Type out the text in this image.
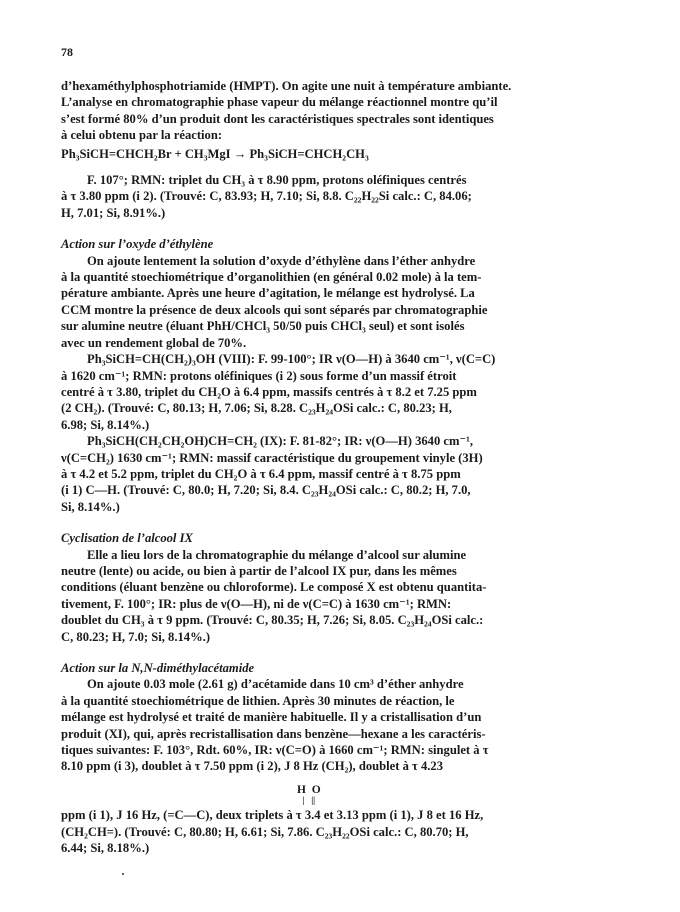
78
d’hexaméthylphosphotriamide (HMPT). On agite une nuit à température ambiante.
L’analyse en chromatographie phase vapeur du mélange réactionnel montre qu’il
s’est formé 80% d’un produit dont les caractéristiques spectrales sont identiques
à celui obtenu par la réaction:
Ph₃SiCH=CHCH₂Br + CH₃MgI → Ph₃SiCH=CHCH₂CH₃
F. 107°; RMN: triplet du CH₃ à τ 8.90 ppm, protons oléfiniques centrés
à τ 3.80 ppm (i 2). (Trouvé: C, 83.93; H, 7.10; Si, 8.8. C₂₂H₂₂Si calc.: C, 84.06;
H, 7.01; Si, 8.91%.)
Action sur l’oxyde d’éthylène
On ajoute lentement la solution d’oxyde d’éthylène dans l’éther anhydre
à la quantité stoechiométrique d’organolithien (en général 0.02 mole) à la tem-
pérature ambiante. Après une heure d’agitation, le mélange est hydrolysé. La
CCM montre la présence de deux alcools qui sont séparés par chromatographie
sur alumine neutre (éluant PhH/CHCl₃ 50/50 puis CHCl₃ seul) et sont isolés
avec un rendement global de 70%.
Ph₃SiCH=CH(CH₂)₃OH (VIII): F. 99-100°; IR ν(O—H) à 3640 cm⁻¹, ν(C=C)
à 1620 cm⁻¹; RMN: protons oléfiniques (i 2) sous forme d’un massif étroit
centré à τ 3.80, triplet du CH₂O à 6.4 ppm, massifs centrés à τ 8.2 et 7.25 ppm
(2 CH₂). (Trouvé: C, 80.13; H, 7.06; Si, 8.28. C₂₃H₂₄OSi calc.: C, 80.23; H,
6.98; Si, 8.14%.)
Ph₃SiCH(CH₂CH₂OH)CH=CH₂ (IX): F. 81-82°; IR: ν(O—H) 3640 cm⁻¹,
ν(C=CH₂) 1630 cm⁻¹; RMN: massif caractéristique du groupement vinyle (3H)
à τ 4.2 et 5.2 ppm, triplet du CH₂O à τ 6.4 ppm, massif centré à τ 8.75 ppm
(i 1) C—H. (Trouvé: C, 80.0; H, 7.20; Si, 8.4. C₂₃H₂₄OSi calc.: C, 80.2; H, 7.0,
Si, 8.14%.)
Cyclisation de l’alcool IX
Elle a lieu lors de la chromatographie du mélange d’alcool sur alumine
neutre (lente) ou acide, ou bien à partir de l’alcool IX pur, dans les mêmes
conditions (éluant benzène ou chloroforme). Le composé X est obtenu quantita-
tivement, F. 100°; IR: plus de ν(O—H), ni de ν(C=C) à 1630 cm⁻¹; RMN:
doublet du CH₃ à τ 9 ppm. (Trouvé: C, 80.35; H, 7.26; Si, 8.05. C₂₃H₂₄OSi calc.:
C, 80.23; H, 7.0; Si, 8.14%.)
Action sur la N,N-diméthylacétamide
On ajoute 0.03 mole (2.61 g) d’acétamide dans 10 cm³ d’éther anhydre
à la quantité stoechiométrique de lithien. Après 30 minutes de réaction, le
mélange est hydrolysé et traité de manière habituelle. Il y a cristallisation d’un
produit (XI), qui, après recristallisation dans benzène—hexane a les caractéris-
tiques suivantes: F. 103°, Rdt. 60%, IR: ν(C=O) à 1660 cm⁻¹; RMN: singulet à τ
8.10 ppm (i 3), doublet à τ 7.50 ppm (i 2), J 8 Hz (CH₂), doublet à τ 4.23
H  O
|   ||
ppm (i 1), J 16 Hz, (=C—C), deux triplets à τ 3.4 et 3.13 ppm (i 1), J 8 et 16 Hz,
(CH₂CH=). (Trouvé: C, 80.80; H, 6.61; Si, 7.86. C₂₃H₂₂OSi calc.: C, 80.70; H,
6.44; Si, 8.18%.)
